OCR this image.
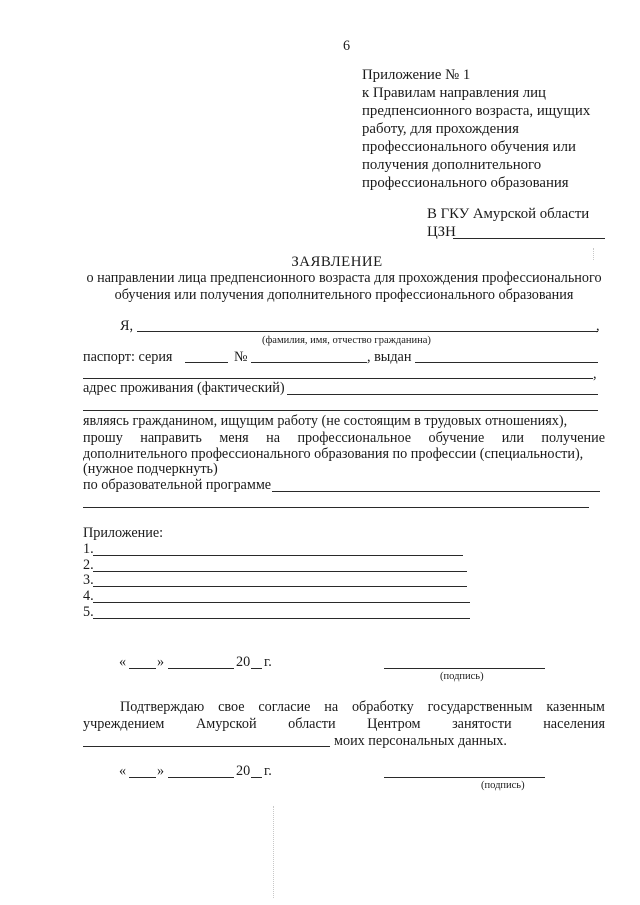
6
Приложение № 1
к Правилам направления лиц
предпенсионного возраста, ищущих
работу, для прохождения
профессионального обучения или
получения дополнительного
профессионального образования
В ГКУ Амурской области
ЦЗН
ЗАЯВЛЕНИЕ
о направлении лица предпенсионного возраста для прохождения профессионального
обучения или получения дополнительного профессионального образования
Я,	,
(фамилия, имя, отчество гражданина)
паспорт: серия	№	, выдан
,
адрес проживания (фактический)
являясь гражданином, ищущим работу (не состоящим в трудовых отношениях),
прошу направить меня на профессиональное обучение или получение
дополнительного профессионального образования по профессии (специальности),
(нужное подчеркнуть)
по образовательной программе
Приложение:
1.
2.
3.
4.
5.
« »	20 г.
(подпись)
Подтверждаю свое согласие на обработку государственным казенным
учреждением Амурской области Центром занятости населения
моих персональных данных.
« »	20 г.
(подпись)
